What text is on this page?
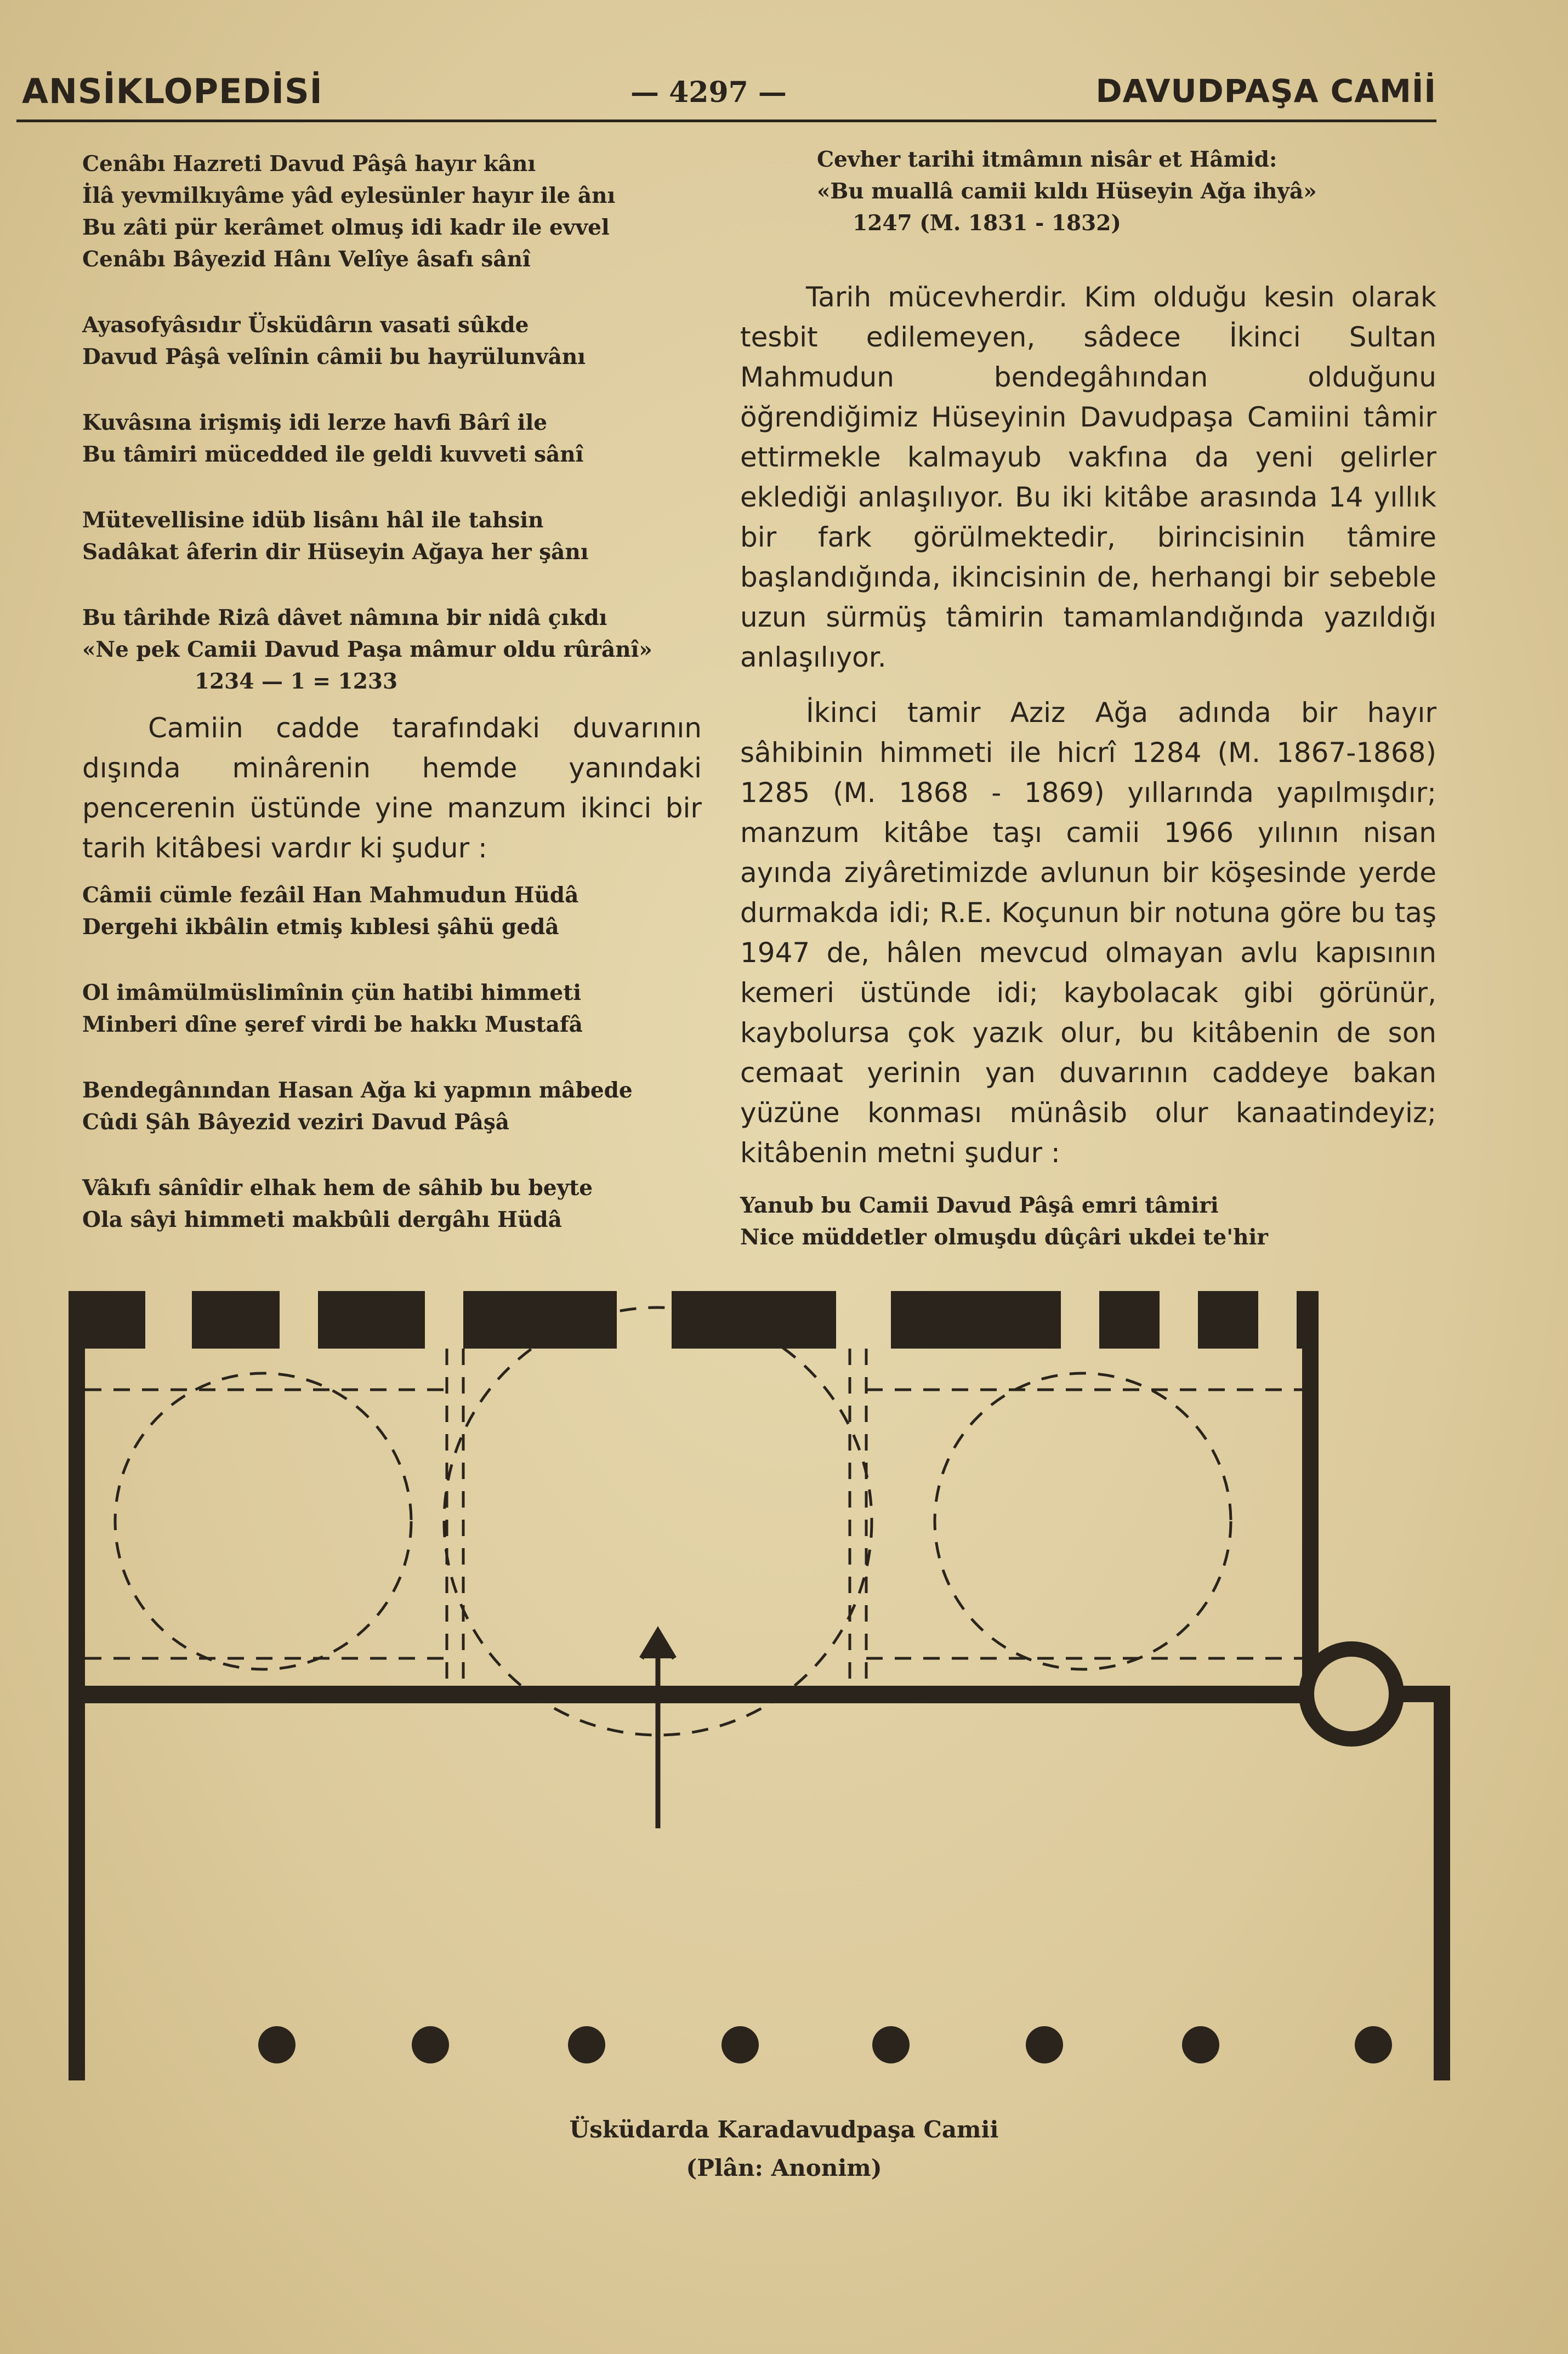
ANSİKLOPEDİSİ	— 4297 —	DAVUDPAŞA CAMİİ
Cenâbı Hazreti Davud Pâşâ hayır kânı
İlâ yevmilkıyâme yâd eylesünler hayır ile ânı
Bu zâti pür kerâmet olmuş idi kadr ile evvel
Cenâbı Bâyezid Hânı Velîye âsafı sânî
Ayasofyâsıdır Üsküdârın vasati sûkde
Davud Pâşâ velînin câmii bu hayrülunvânı
Kuvâsına irişmiş idi lerze havfi Bârî ile
Bu tâmiri mücedded ile geldi kuvveti sânî
Mütevellisine idüb lisânı hâl ile tahsin
Sadâkat âferin dir Hüseyin Ağaya her şânı
Bu târihde Rizâ dâvet nâmına bir nidâ çıkdı
«Ne pek Camii Davud Paşa mâmur oldu rûrânî»
1234 — 1 = 1233

Camiin cadde tarafındaki duvarının dışında minârenin hemde yanındaki pencerenin üstünde yine manzum ikinci bir tarih kitâbesi vardır ki şudur :

Câmii cümle fezâil Han Mahmudun Hüdâ
Dergehi ikbâlin etmiş kıblesi şâhü gedâ
Ol imâmülmüslimînin çün hatibi himmeti
Minberi dîne şeref virdi be hakkı Mustafâ
Bendegânından Hasan Ağa ki yapmın mâbede
Cûdi Şâh Bâyezid veziri Davud Pâşâ
Vâkıfı sânîdir elhak hem de sâhib bu beyte
Ola sâyi himmeti makbûli dergâhı Hüdâ
Cevher tarihi itmâmın nisâr et Hâmid:
«Bu muallâ camii kıldı Hüseyin Ağa ihyâ»
1247 (M. 1831 - 1832)

Tarih mücevherdir. Kim olduğu kesin olarak tesbit edilemeyen, sâdece İkinci Sultan Mahmudun bendegâhından olduğunu öğrendiğimiz Hüseyinin Davudpaşa Camiini tâmir ettirmekle kalmayub vakfına da yeni gelirler eklediği anlaşılıyor. Bu iki kitâbe arasında 14 yıllık bir fark görülmektedir, birincisinin tâmire başlandığında, ikincisinin de, herhangi bir sebeble uzun sürmüş tâmirin tamamlandığında yazıldığı anlaşılıyor.

İkinci tamir Aziz Ağa adında bir hayır sâhibinin himmeti ile hicrî 1284 (M. 1867-1868) 1285 (M. 1868 - 1869) yıllarında yapılmışdır; manzum kitâbe taşı camii 1966 yılının nisan ayında ziyâretimizde avlunun bir köşesinde yerde durmakda idi; R.E. Koçunun bir notuna göre bu taş 1947 de, hâlen mevcud olmayan avlu kapısının kemeri üstünde idi; kaybolacak gibi görünür, kaybolursa çok yazık olur, bu kitâbenin de son cemaat yerinin yan duvarının caddeye bakan yüzüne konması münâsib olur kanaatindeyiz; kitâbenin metni şudur :

Yanub bu Camii Davud Pâşâ emri tâmiri
Nice müddetler olmuşdu dûçâri ukdei te'hir
Üsküdarda Karadavudpaşa Camii
(Plân: Anonim)
